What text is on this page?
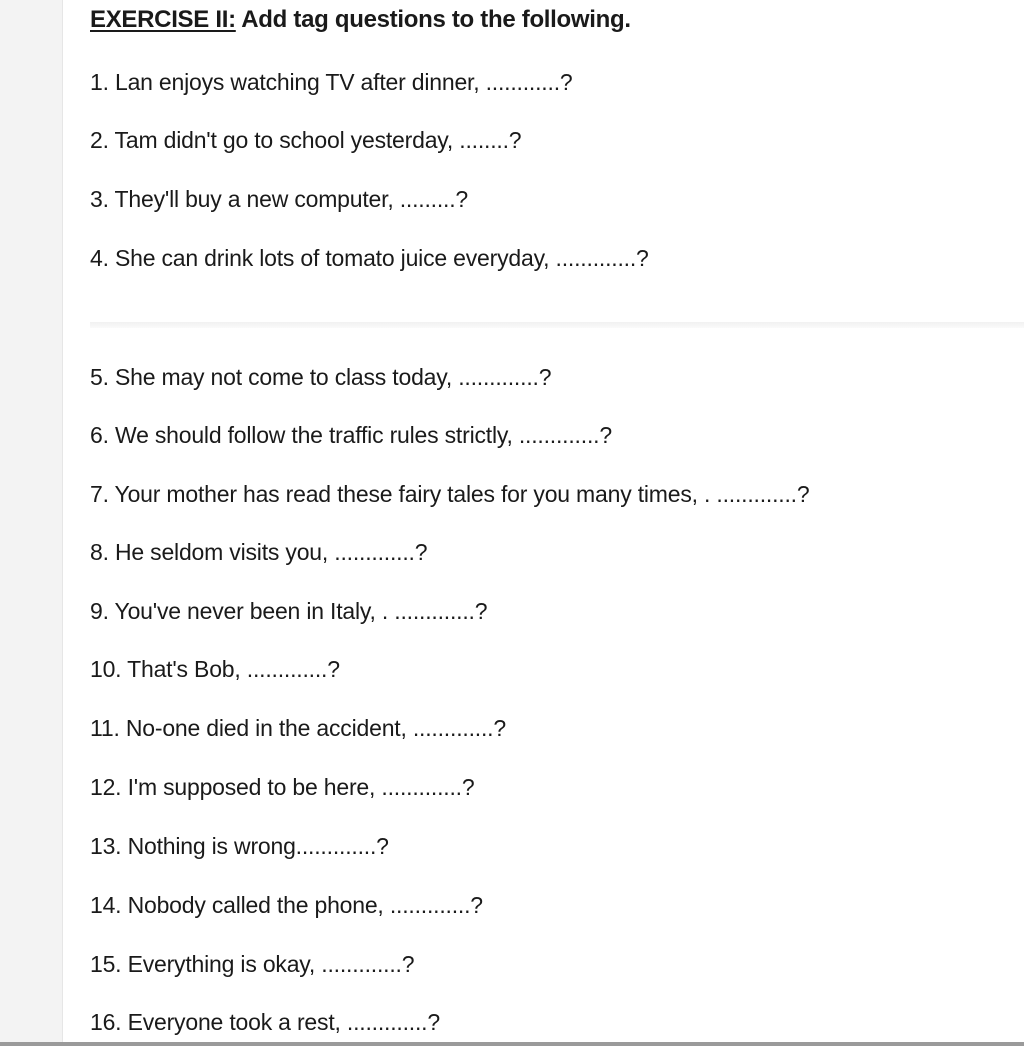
EXERCISE II: Add tag questions to the following.
1. Lan enjoys watching TV after dinner, ............?
2. Tam didn't go to school yesterday, ........?
3. They'll buy a new computer, .........?
4. She can drink lots of tomato juice everyday, .............?
5. She may not come to class today, .............?
6. We should follow the traffic rules strictly, .............?
7. Your mother has read these fairy tales for you many times, . .............?
8. He seldom visits you, .............?
9. You've never been in Italy, . .............?
10. That's Bob, .............?
11. No-one died in the accident, .............?
12. I'm supposed to be here, .............?
13. Nothing is wrong.............?
14. Nobody called the phone, .............?
15. Everything is okay, .............?
16. Everyone took a rest, .............?
